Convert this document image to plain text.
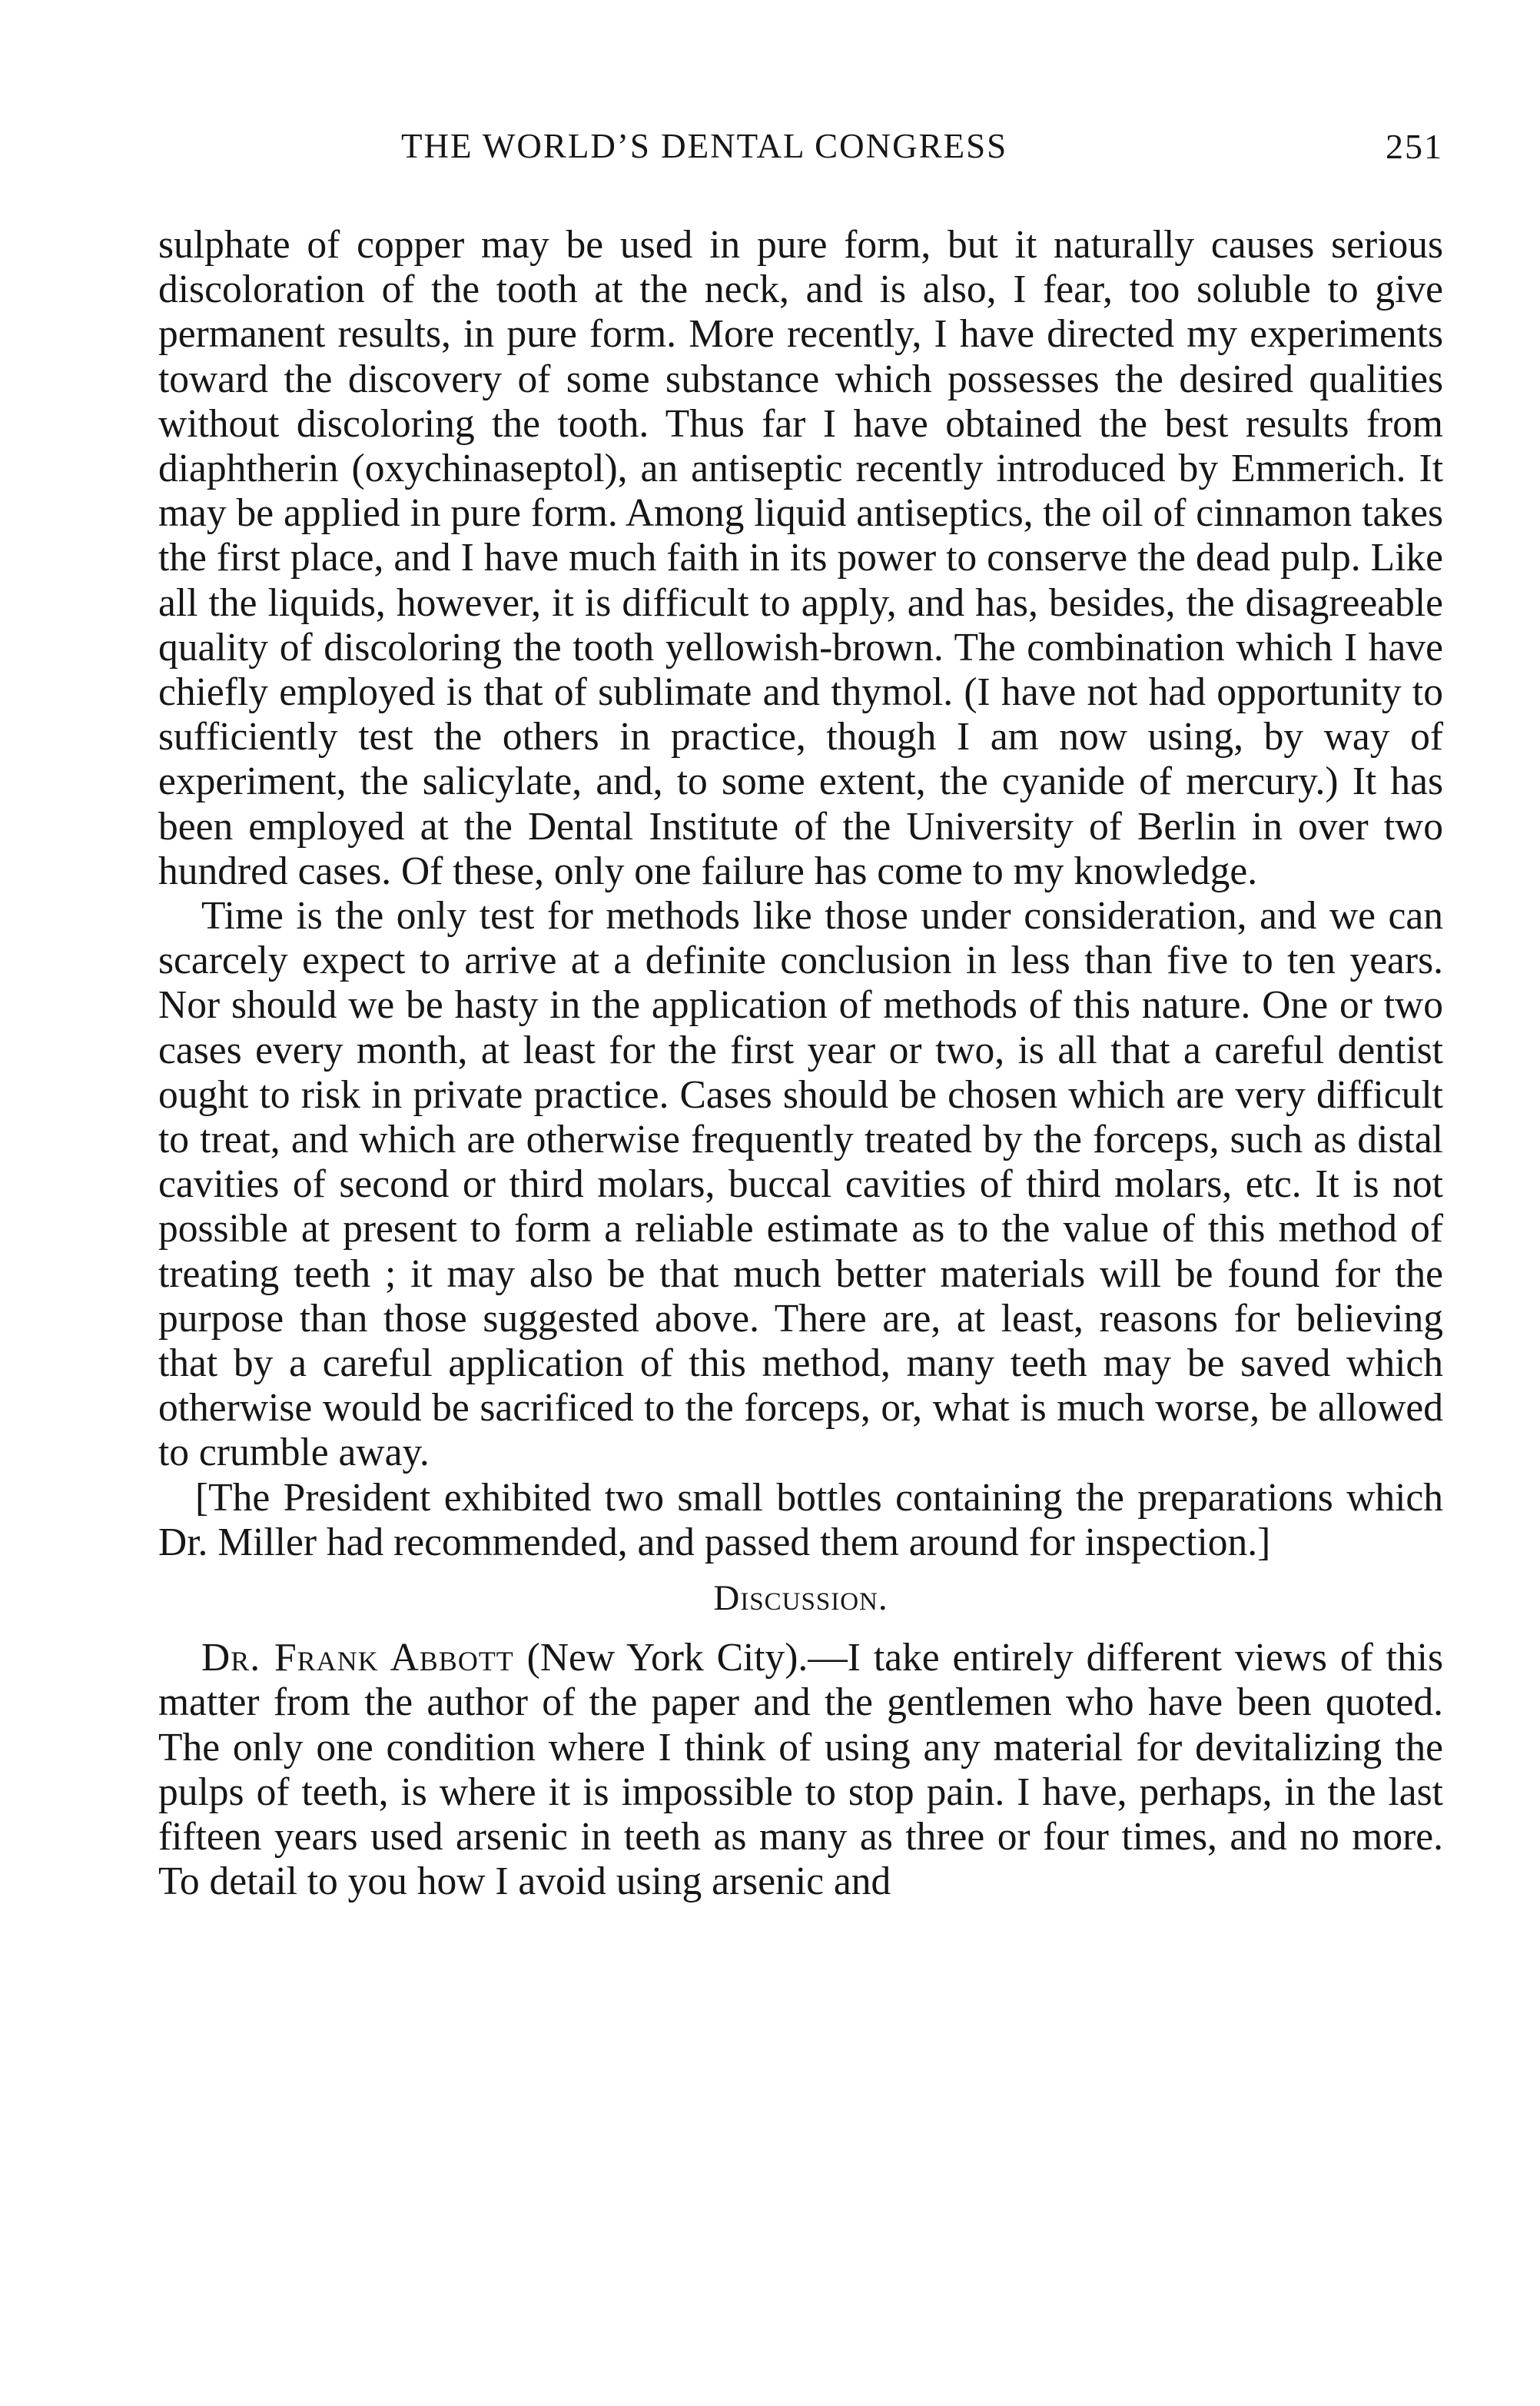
THE WORLD’S DENTAL CONGRESS	251

sulphate of copper may be used in pure form, but it naturally causes serious discoloration of the tooth at the neck, and is also, I fear, too soluble to give permanent results, in pure form. More recently, I have directed my experiments toward the discovery of some substance which possesses the desired qualities without discoloring the tooth. Thus far I have obtained the best results from diaphtherin (oxychinaseptol), an antiseptic recently introduced by Emmerich. It may be applied in pure form. Among liquid antiseptics, the oil of cinnamon takes the first place, and I have much faith in its power to conserve the dead pulp. Like all the liquids, however, it is difficult to apply, and has, besides, the disagreeable quality of discoloring the tooth yellowish-brown. The combination which I have chiefly employed is that of sublimate and thymol. (I have not had opportunity to sufficiently test the others in practice, though I am now using, by way of experiment, the salicylate, and, to some extent, the cyanide of mercury.) It has been employed at the Dental Institute of the University of Berlin in over two hundred cases. Of these, only one failure has come to my knowledge.

Time is the only test for methods like those under consideration, and we can scarcely expect to arrive at a definite conclusion in less than five to ten years. Nor should we be hasty in the application of methods of this nature. One or two cases every month, at least for the first year or two, is all that a careful dentist ought to risk in private practice. Cases should be chosen which are very difficult to treat, and which are otherwise frequently treated by the forceps, such as distal cavities of second or third molars, buccal cavities of third molars, etc. It is not possible at present to form a reliable estimate as to the value of this method of treating teeth ; it may also be that much better materials will be found for the purpose than those suggested above. There are, at least, reasons for believing that by a careful application of this method, many teeth may be saved which otherwise would be sacrificed to the forceps, or, what is much worse, be allowed to crumble away.

[The President exhibited two small bottles containing the preparations which Dr. Miller had recommended, and passed them around for inspection.]

Discussion.

Dr. Frank Abbott (New York City).—I take entirely different views of this matter from the author of the paper and the gentlemen who have been quoted. The only one condition where I think of using any material for devitalizing the pulps of teeth, is where it is impossible to stop pain. I have, perhaps, in the last fifteen years used arsenic in teeth as many as three or four times, and no more. To detail to you how I avoid using arsenic and
